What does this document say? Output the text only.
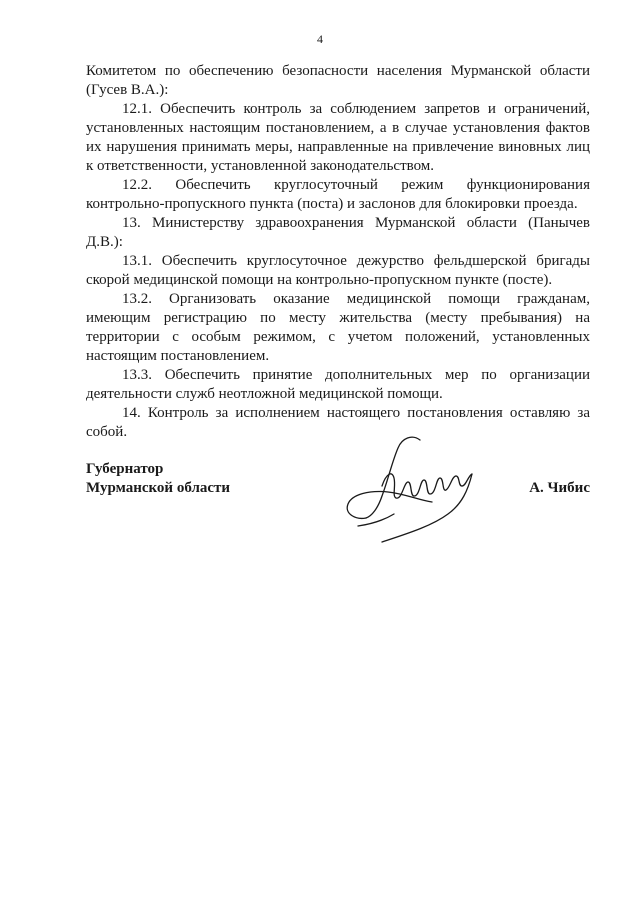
4

Комитетом по обеспечению безопасности населения Мурманской области (Гусев В.А.):

12.1. Обеспечить контроль за соблюдением запретов и ограничений, установленных настоящим постановлением, а в случае установления фактов их нарушения принимать меры, направленные на привлечение виновных лиц к ответственности, установленной законодательством.

12.2. Обеспечить круглосуточный режим функционирования контрольно-пропускного пункта (поста) и заслонов для блокировки проезда.

13. Министерству здравоохранения Мурманской области (Панычев Д.В.):

13.1. Обеспечить круглосуточное дежурство фельдшерской бригады скорой медицинской помощи на контрольно-пропускном пункте (посте).

13.2. Организовать оказание медицинской помощи гражданам, имеющим регистрацию по месту жительства (месту пребывания) на территории с особым режимом, с учетом положений, установленных настоящим постановлением.

13.3. Обеспечить принятие дополнительных мер по организации деятельности служб неотложной медицинской помощи.

14. Контроль за исполнением настоящего постановления оставляю за собой.

Губернатор
Мурманской области	А. Чибис
